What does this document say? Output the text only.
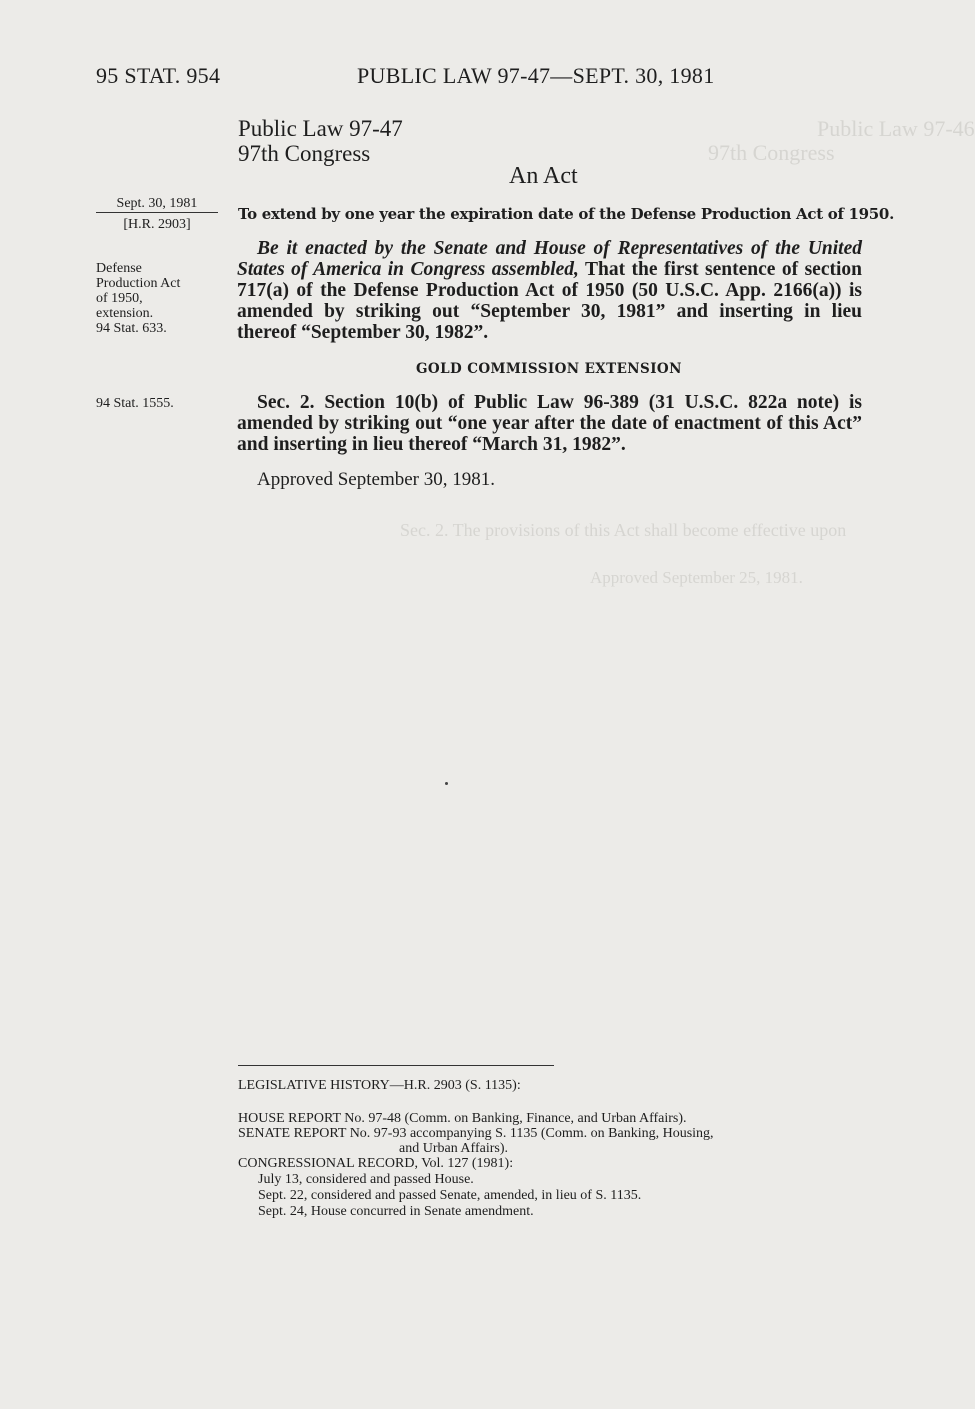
Public Law 97-46
97th Congress
Sec. 2. The provisions of this Act shall become effective upon
Approved September 25, 1981.
95 STAT. 954	PUBLIC LAW 97-47—SEPT. 30, 1981
Public Law 97-47
97th Congress
An Act
Sept. 30, 1981
[H.R. 2903]
Defense
Production Act
of 1950,
extension.
94 Stat. 633.
94 Stat. 1555.
To extend by one year the expiration date of the Defense Production Act of 1950.
Be it enacted by the Senate and House of Representatives of the United States of America in Congress assembled, That the first sentence of section 717(a) of the Defense Production Act of 1950 (50 U.S.C. App. 2166(a)) is amended by striking out “September 30, 1981” and inserting in lieu thereof “September 30, 1982”.
GOLD COMMISSION EXTENSION
Sec. 2. Section 10(b) of Public Law 96-389 (31 U.S.C. 822a note) is amended by striking out “one year after the date of enactment of this Act” and inserting in lieu thereof “March 31, 1982”.
Approved September 30, 1981.
LEGISLATIVE HISTORY—H.R. 2903 (S. 1135):
HOUSE REPORT No. 97-48 (Comm. on Banking, Finance, and Urban Affairs).
SENATE REPORT No. 97-93 accompanying S. 1135 (Comm. on Banking, Housing,
and Urban Affairs).
CONGRESSIONAL RECORD, Vol. 127 (1981):
July 13, considered and passed House.
Sept. 22, considered and passed Senate, amended, in lieu of S. 1135.
Sept. 24, House concurred in Senate amendment.
